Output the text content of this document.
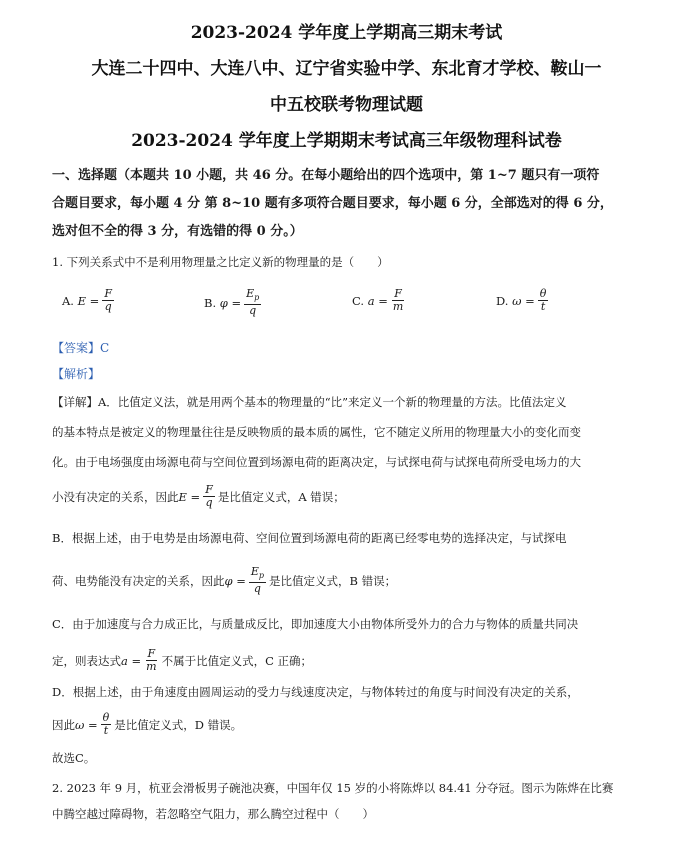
2023-2024 学年度上学期高三期末考试
大连二十四中、大连八中、辽宁省实验中学、东北育才学校、鞍山一
中五校联考物理试题
2023-2024 学年度上学期期末考试高三年级物理科试卷
一、选择题（本题共 10 小题，共 46 分。在每小题给出的四个选项中，第 1~7 题只有一项符
合题目要求，每小题 4 分 第 8~10 题有多项符合题目要求，每小题 6 分，全部选对的得 6 分，
选对但不全的得 3 分，有选错的得 0 分。）
1. 下列关系式中不是利用物理量之比定义新的物理量的是（　　）
A.
$E = \frac{F}{q}$	B.
$\varphi = \frac{E_p}{q}$	C.
$a = \frac{F}{m}$	D.
$\omega = \frac{\theta}{t}$
【答案】C
【解析】
【详解】A．比值定义法，就是用两个基本的物理量的“比”来定义一个新的物理量的方法。比值法定义
的基本特点是被定义的物理量往往是反映物质的最本质的属性，它不随定义所用的物理量大小的变化而变
化。由于电场强度由场源电荷与空间位置到场源电荷的距离决定，与试探电荷与试探电荷所受电场力的大
小没有决定的关系，因此 $E = \frac{F}{q}$ 是比值定义式，A 错误；
B．根据上述，由于电势是由场源电荷、空间位置到场源电荷的距离已经零电势的选择决定，与试探电
荷、电势能没有决定的关系，因此 $\varphi = \frac{E_p}{q}$ 是比值定义式，B 错误；
C．由于加速度与合力成正比，与质量成反比，即加速度大小由物体所受外力的合力与物体的质量共同决
定，则表达式 $a = \frac{F}{m}$ 不属于比值定义式，C 正确；
D．根据上述，由于角速度由圆周运动的受力与线速度决定，与物体转过的角度与时间没有决定的关系，
因此 $\omega = \frac{\theta}{t}$ 是比值定义式，D 错误。
故选C。
2. 2023 年 9 月，杭亚会滑板男子碗池决赛，中国年仅 15 岁的小将陈烨以 84.41 分夺冠。图示为陈烨在比赛
中腾空越过障碍物，若忽略空气阻力，那么腾空过程中（　　）
